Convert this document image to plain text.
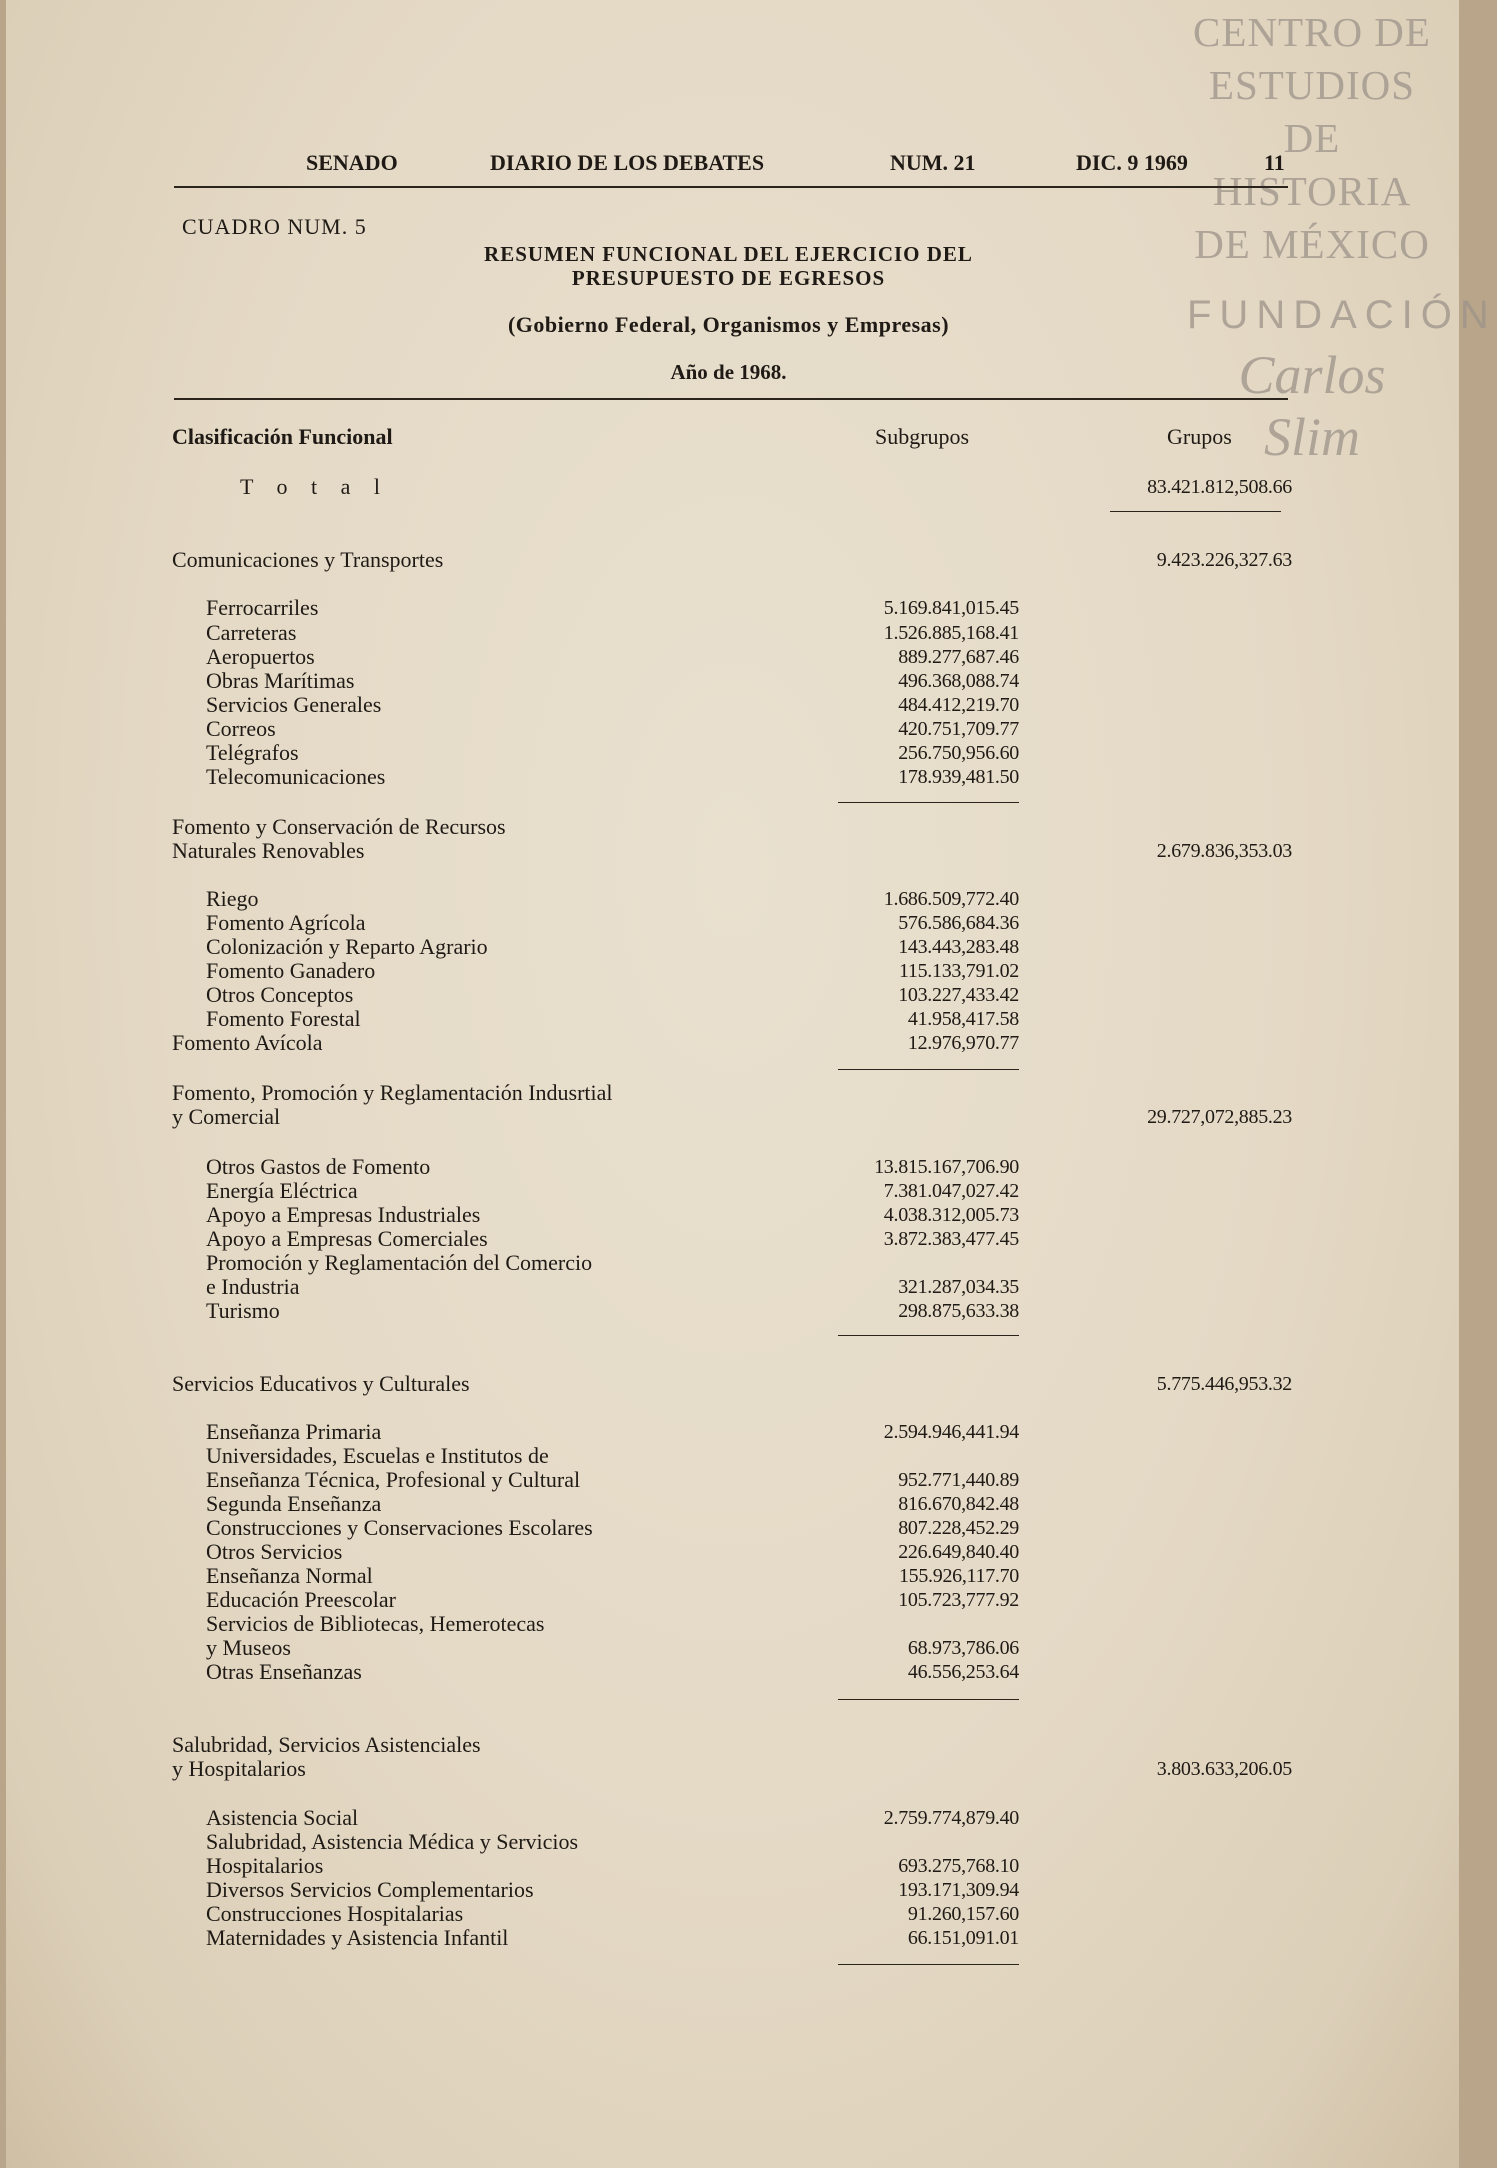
CENTRO DE
ESTUDIOS
DE HISTORIA
DE MÉXICO
FUNDACIÓN
Carlos Slim
SENADO	DIARIO DE LOS DEBATES	NUM. 21	DIC. 9 1969	11
CUADRO NUM. 5
RESUMEN FUNCIONAL DEL EJERCICIO DEL
PRESUPUESTO DE EGRESOS
(Gobierno Federal, Organismos y Empresas)
Año de 1968.
Clasificación Funcional	Subgrupos	Grupos
T o t a l	83.421.812,508.66
Comunicaciones y Transportes	9.423.226,327.63
Ferrocarriles	5.169.841,015.45
Carreteras	1.526.885,168.41
Aeropuertos	889.277,687.46
Obras Marítimas	496.368,088.74
Servicios Generales	484.412,219.70
Correos	420.751,709.77
Telégrafos	256.750,956.60
Telecomunicaciones	178.939,481.50
Fomento y Conservación de Recursos
Naturales Renovables	2.679.836,353.03
Riego	1.686.509,772.40
Fomento Agrícola	576.586,684.36
Colonización y Reparto Agrario	143.443,283.48
Fomento Ganadero	115.133,791.02
Otros Conceptos	103.227,433.42
Fomento Forestal	41.958,417.58
Fomento Avícola	12.976,970.77
Fomento, Promoción y Reglamentación Indusrtial
y Comercial	29.727,072,885.23
Otros Gastos de Fomento	13.815.167,706.90
Energía Eléctrica	7.381.047,027.42
Apoyo a Empresas Industriales	4.038.312,005.73
Apoyo a Empresas Comerciales	3.872.383,477.45
Promoción y Reglamentación del Comercio
e Industria	321.287,034.35
Turismo	298.875,633.38
Servicios Educativos y Culturales	5.775.446,953.32
Enseñanza Primaria	2.594.946,441.94
Universidades, Escuelas e Institutos de
Enseñanza Técnica, Profesional y Cultural	952.771,440.89
Segunda Enseñanza	816.670,842.48
Construcciones y Conservaciones Escolares	807.228,452.29
Otros Servicios	226.649,840.40
Enseñanza Normal	155.926,117.70
Educación Preescolar	105.723,777.92
Servicios de Bibliotecas, Hemerotecas
y Museos	68.973,786.06
Otras Enseñanzas	46.556,253.64
Salubridad, Servicios Asistenciales
y Hospitalarios	3.803.633,206.05
Asistencia Social	2.759.774,879.40
Salubridad, Asistencia Médica y Servicios
Hospitalarios	693.275,768.10
Diversos Servicios Complementarios	193.171,309.94
Construcciones Hospitalarias	91.260,157.60
Maternidades y Asistencia Infantil	66.151,091.01
